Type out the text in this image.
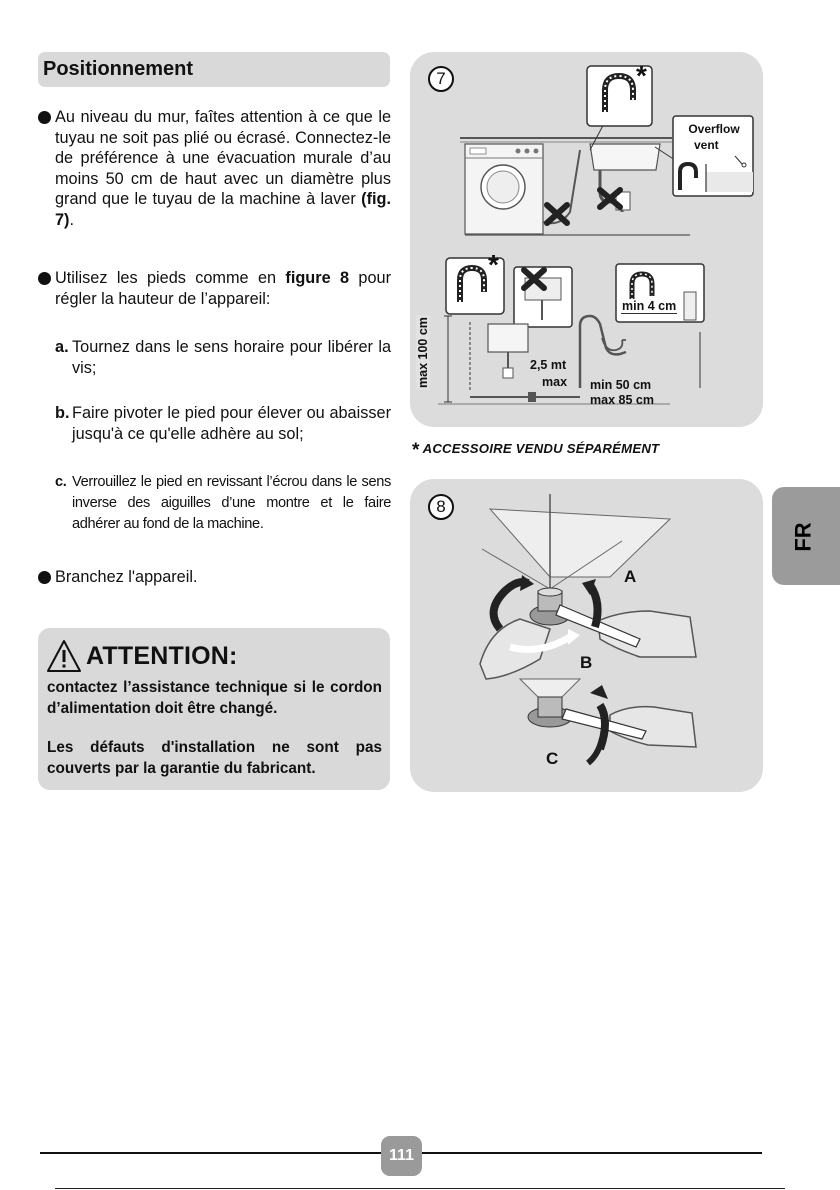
Positionnement

Au niveau du mur, faîtes attention à ce que le tuyau ne soit pas plié ou écrasé. Connectez-le de préférence à une évacuation murale d’au moins 50 cm de haut avec un diamètre plus grand que le tuyau de la machine à laver (fig. 7).

Utilisez les pieds comme en figure 8 pour régler la hauteur de l’appareil:

a. Tournez dans le sens horaire pour libérer la vis;

b. Faire pivoter le pied pour élever ou abaisser jusqu'à ce qu'elle adhère au sol;

c. Verrouillez le pied en revissant l’écrou dans le sens inverse des aiguilles d’une montre et le faire adhérer au fond de la machine.

Branchez l'appareil.

ATTENTION:

contactez l’assistance technique si le cordon d’alimentation doit être changé.

Les défauts d'installation ne sont pas couverts par la garantie du fabricant.

7	*
*
Overflow
vent
max 100 cm	2,5 mt
max
min 4 cm
min 50 cm
max 85 cm
* ACCESSOIRE VENDU SÉPARÉMENT
8
A
B
C
FR
111
